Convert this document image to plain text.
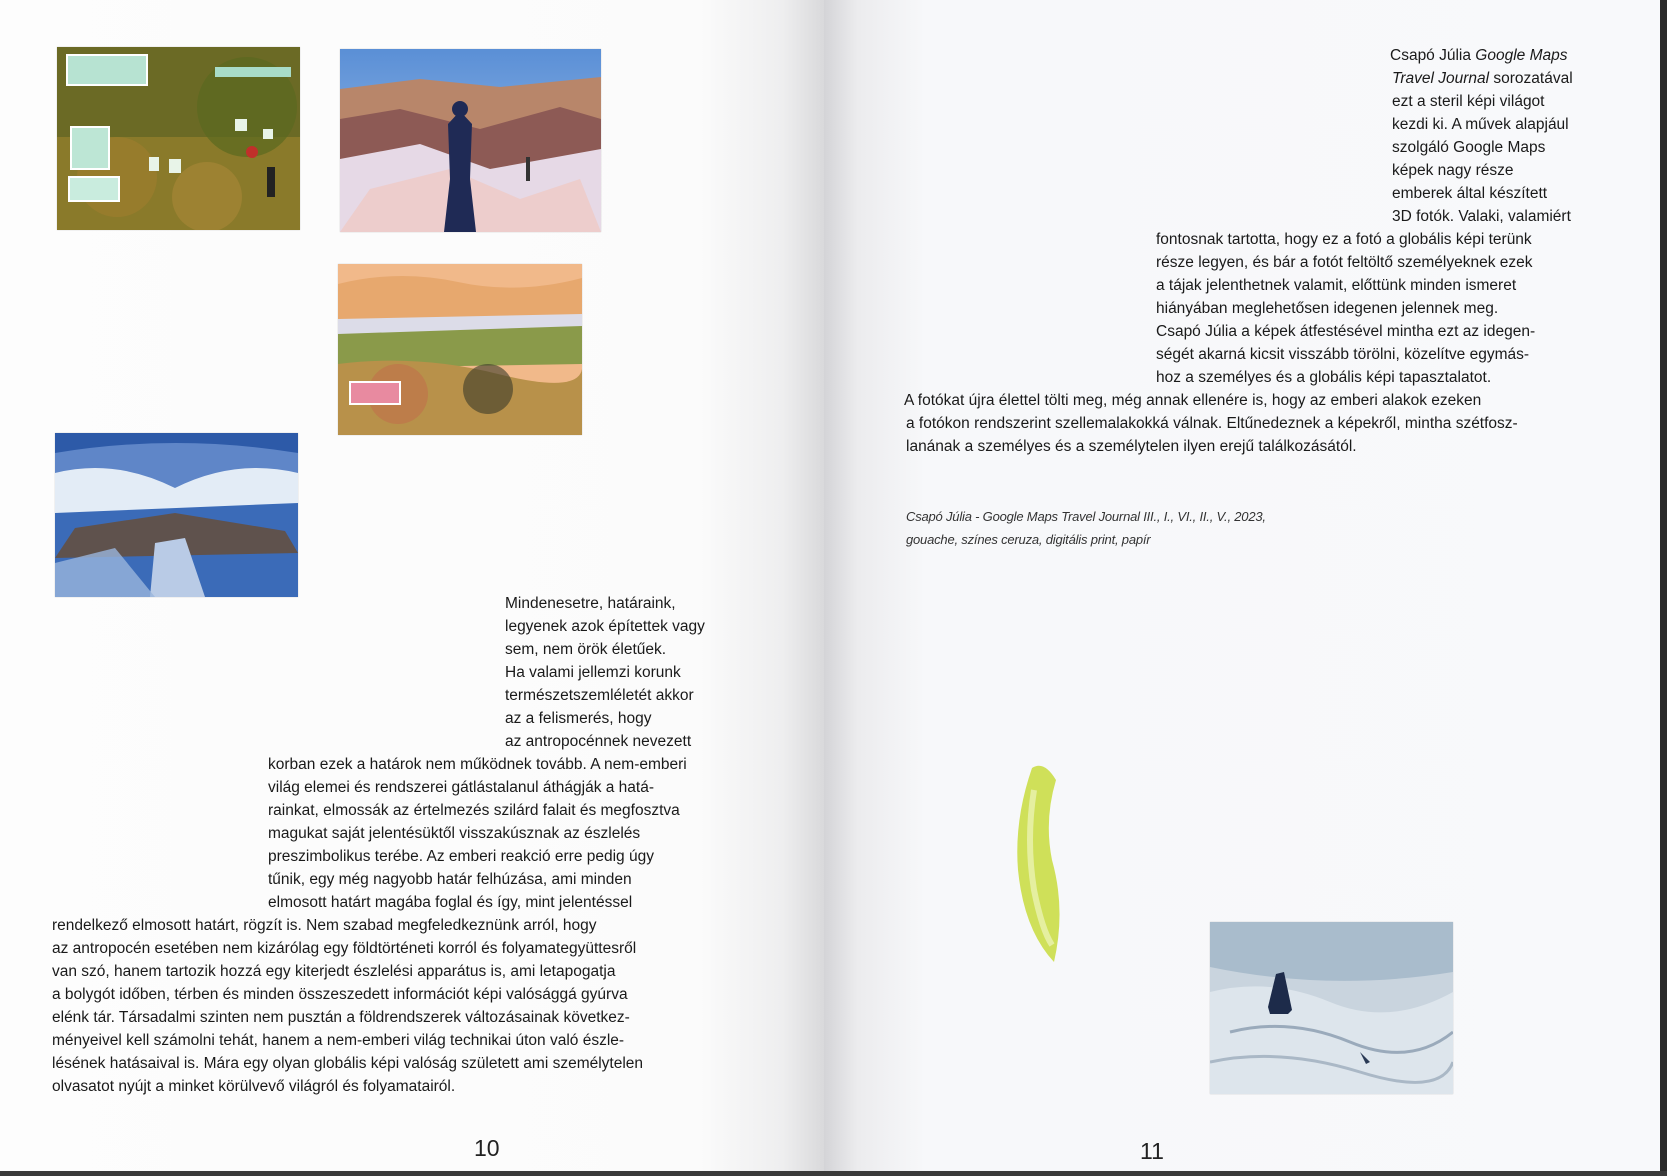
Mindenesetre, határaink,
legyenek azok építettek vagy
sem, nem örök életűek.
Ha valami jellemzi korunk
természetszemléletét akkor
az a felismerés, hogy
az antropocénnek nevezett
korban ezek a határok nem működnek tovább. A nem-emberi
világ elemei és rendszerei gátlástalanul áthágják a hatá-
rainkat, elmossák az értelmezés szilárd falait és megfosztva
magukat saját jelentésüktől visszakúsznak az észlelés
preszimbolikus terébe. Az emberi reakció erre pedig úgy
tűnik, egy még nagyobb határ felhúzása, ami minden
elmosott határt magába foglal és így, mint jelentéssel
rendelkező elmosott határt, rögzít is. Nem szabad megfeledkeznünk arról, hogy
az antropocén esetében nem kizárólag egy földtörténeti korról és folyamategyüttesről
van szó, hanem tartozik hozzá egy kiterjedt észlelési apparátus is, ami letapogatja
a bolygót időben, térben és minden összeszedett információt képi valósággá gyúrva
elénk tár. Társadalmi szinten nem pusztán a földrendszerek változásainak következ-
ményeivel kell számolni tehát, hanem a nem-emberi világ technikai úton való észle-
lésének hatásaival is. Mára egy olyan globális képi valóság született ami személytelen
olvasatot nyújt a minket körülvevő világról és folyamatairól.
10
Csapó Júlia Google Maps
Travel Journal sorozatával
ezt a steril képi világot
kezdi ki. A művek alapjául
szolgáló Google Maps
képek nagy része
emberek által készített
3D fotók. Valaki, valamiért
fontosnak tartotta, hogy ez a fotó a globális képi terünk
része legyen, és bár a fotót feltöltő személyeknek ezek
a tájak jelenthetnek valamit, előttünk minden ismeret
hiányában meglehetősen idegenen jelennek meg.
Csapó Júlia a képek átfestésével mintha ezt az idegen-
ségét akarná kicsit visszább törölni, közelítve egymás-
hoz a személyes és a globális képi tapasztalatot.
A fotókat újra élettel tölti meg, még annak ellenére is, hogy az emberi alakok ezeken
a fotókon rendszerint szellemalakokká válnak. Eltűnedeznek a képekről, mintha szétfosz-
lanának a személyes és a személytelen ilyen erejű találkozásától.
Csapó Júlia - Google Maps Travel Journal III., I., VI., II., V., 2023,
gouache, színes ceruza, digitális print, papír
11
